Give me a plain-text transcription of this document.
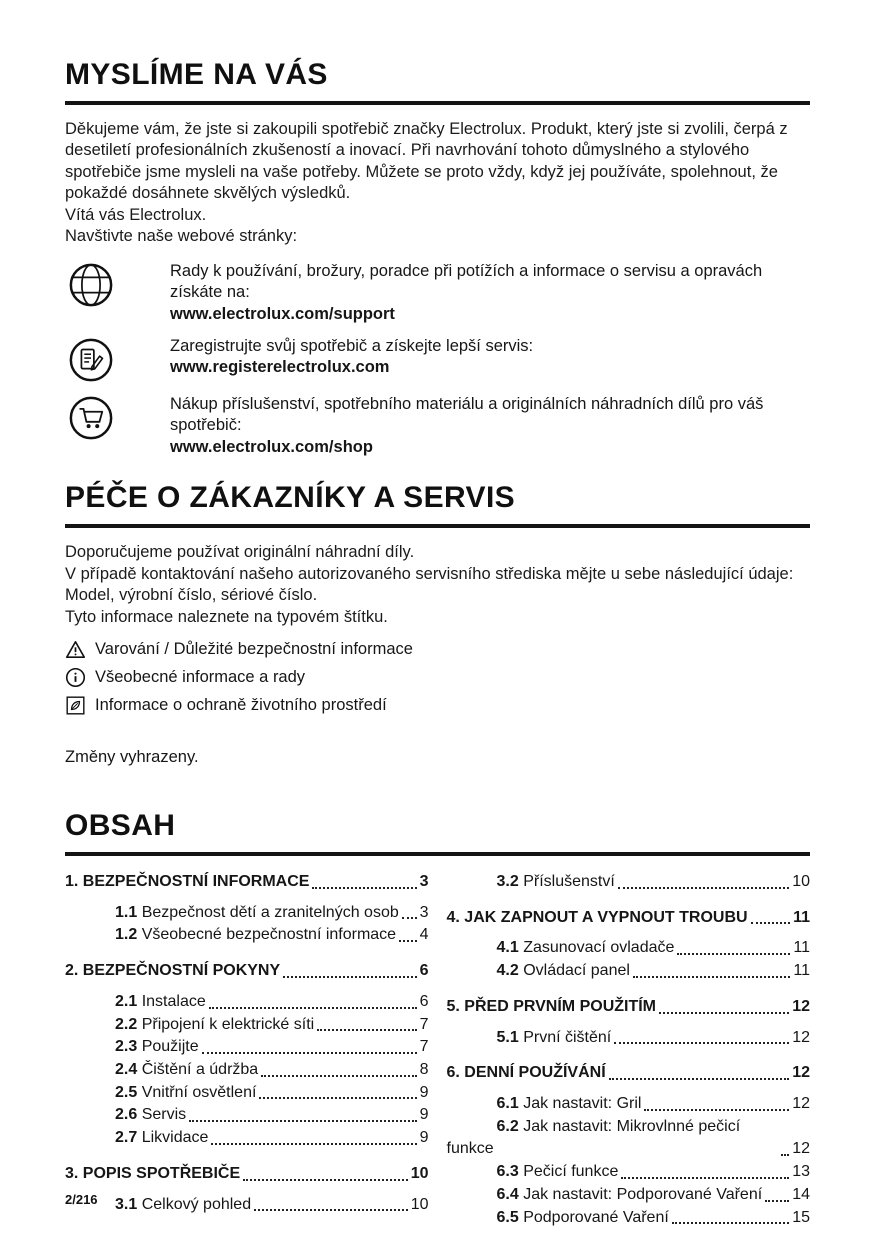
MYSLÍME NA VÁS
Děkujeme vám, že jste si zakoupili spotřebič značky Electrolux. Produkt, který jste si zvolili, čerpá z desetiletí profesionálních zkušeností a inovací. Při navrhování tohoto důmyslného a stylového spotřebiče jsme mysleli na vaše potřeby. Můžete se proto vždy, když jej používáte, spolehnout, že pokaždé dosáhnete skvělých výsledků.
Vítá vás Electrolux.
Navštivte naše webové stránky:
Rady k používání, brožury, poradce při potížích a informace o servisu a opravách získáte na:
www.electrolux.com/support
Zaregistrujte svůj spotřebič a získejte lepší servis:
www.registerelectrolux.com
Nákup příslušenství, spotřebního materiálu a originálních náhradních dílů pro váš spotřebič:
www.electrolux.com/shop
PÉČE O ZÁKAZNÍKY A SERVIS
Doporučujeme používat originální náhradní díly.
V případě kontaktování našeho autorizovaného servisního střediska mějte u sebe následující údaje: Model, výrobní číslo, sériové číslo.
Tyto informace naleznete na typovém štítku.
Varování / Důležité bezpečnostní informace
Všeobecné informace a rady
Informace o ochraně životního prostředí
Změny vyhrazeny.
OBSAH
1. BEZPEČNOSTNÍ INFORMACE	3
1.1 Bezpečnost dětí a zranitelných osob 3
1.2 Všeobecné bezpečnostní informace 4
2. BEZPEČNOSTNÍ POKYNY	6
2.1 Instalace	6
2.2 Připojení k elektrické síti	7
2.3 Použijte	7
2.4 Čištění a údržba	8
2.5 Vnitřní osvětlení	9
2.6 Servis	9
2.7 Likvidace	9
3. POPIS SPOTŘEBIČE	10
3.1 Celkový pohled	10
3.2 Příslušenství	10
4. JAK ZAPNOUT A VYPNOUT TROUBU	11
4.1 Zasunovací ovladače	11
4.2 Ovládací panel	11
5. PŘED PRVNÍM POUŽITÍM	12
5.1 První čištění	12
6. DENNÍ POUŽÍVÁNÍ	12
6.1 Jak nastavit: Gril	12
6.2 Jak nastavit: Mikrovlnné pečicí funkce	12
6.3 Pečicí funkce	13
6.4 Jak nastavit: Podporované Vaření 14
6.5 Podporované Vaření	15
2/216
